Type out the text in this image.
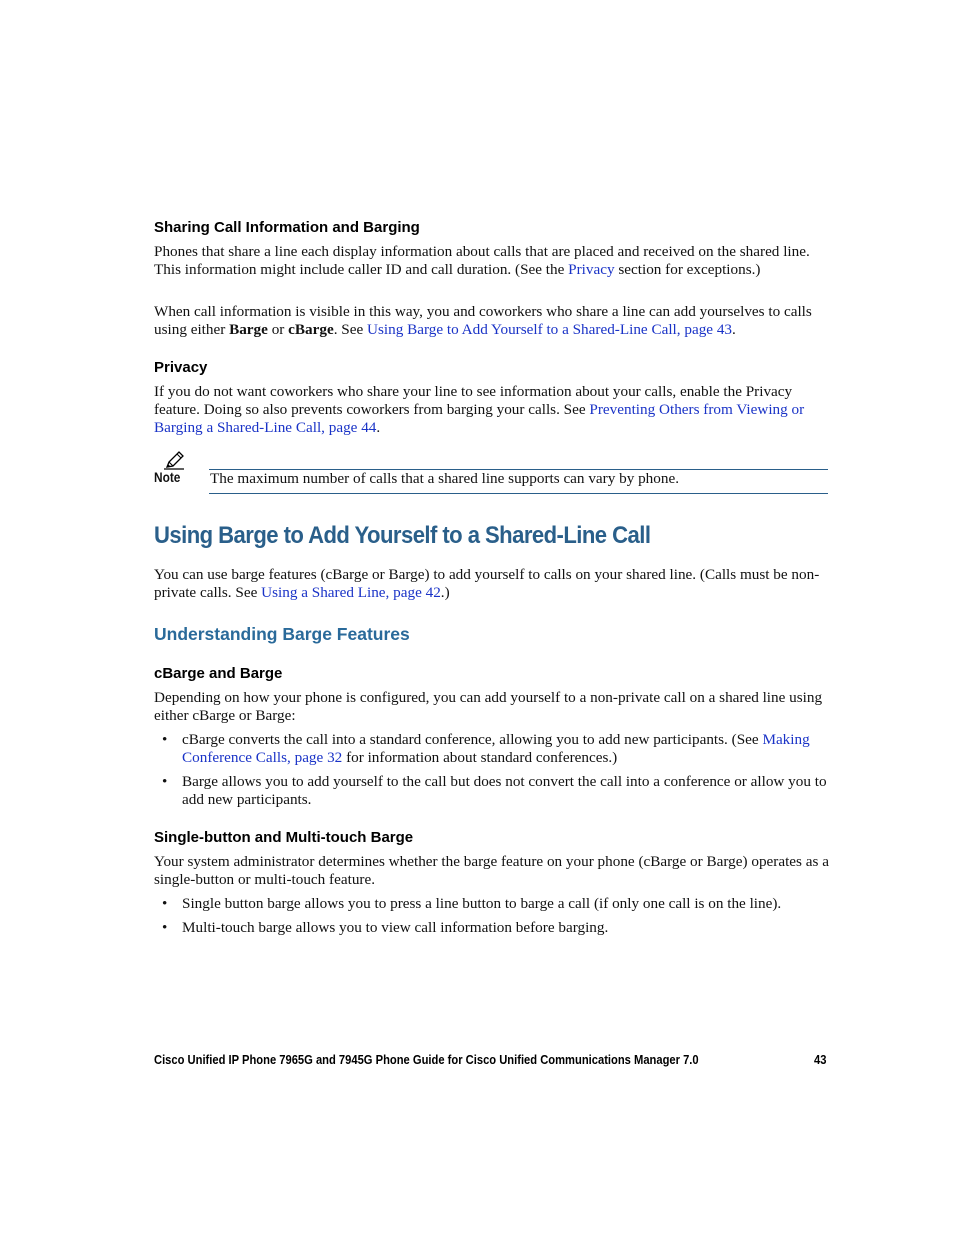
Sharing Call Information and Barging

Phones that share a line each display information about calls that are placed and received on the shared line. This information might include caller ID and call duration. (See the Privacy section for exceptions.)

When call information is visible in this way, you and coworkers who share a line can add yourselves to calls using either Barge or cBarge. See Using Barge to Add Yourself to a Shared-Line Call, page 43.

Privacy

If you do not want coworkers who share your line to see information about your calls, enable the Privacy feature. Doing so also prevents coworkers from barging your calls. See Preventing Others from Viewing or Barging a Shared-Line Call, page 44.

Note The maximum number of calls that a shared line supports can vary by phone.
Using Barge to Add Yourself to a Shared-Line Call

You can use barge features (cBarge or Barge) to add yourself to calls on your shared line. (Calls must be non-private calls. See Using a Shared Line, page 42.)

Understanding Barge Features
cBarge and Barge

Depending on how your phone is configured, you can add yourself to a non-private call on a shared line using either cBarge or Barge:

• cBarge converts the call into a standard conference, allowing you to add new participants. (See Making Conference Calls, page 32 for information about standard conferences.)
• Barge allows you to add yourself to the call but does not convert the call into a conference or allow you to add new participants.
Single-button and Multi-touch Barge

Your system administrator determines whether the barge feature on your phone (cBarge or Barge) operates as a single-button or multi-touch feature.

• Single button barge allows you to press a line button to barge a call (if only one call is on the line).
• Multi-touch barge allows you to view call information before barging.
Cisco Unified IP Phone 7965G and 7945G Phone Guide for Cisco Unified Communications Manager 7.0	43
